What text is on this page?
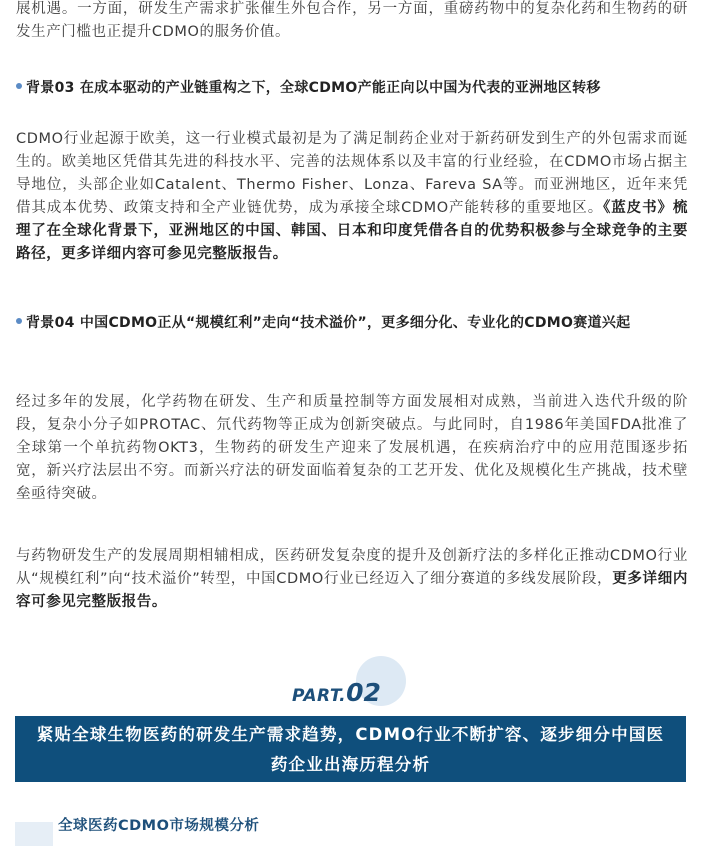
展机遇。一方面，研发生产需求扩张催生外包合作，另一方面，重磅药物中的复杂化药和生物药的研发生产门槛也正提升CDMO的服务价值。

背景03 在成本驱动的产业链重构之下，全球CDMO产能正向以中国为代表的亚洲地区转移

CDMO行业起源于欧美，这一行业模式最初是为了满足制药企业对于新药研发到生产的外包需求而诞生的。欧美地区凭借其先进的科技水平、完善的法规体系以及丰富的行业经验，在CDMO市场占据主导地位，头部企业如Catalent、Thermo Fisher、Lonza、Fareva SA等。而亚洲地区，近年来凭借其成本优势、政策支持和全产业链优势，成为承接全球CDMO产能转移的重要地区。《蓝皮书》梳理了在全球化背景下，亚洲地区的中国、韩国、日本和印度凭借各自的优势积极参与全球竞争的主要路径，更多详细内容可参见完整版报告。

背景04 中国CDMO正从“规模红利”走向“技术溢价”，更多细分化、专业化的CDMO赛道兴起

经过多年的发展，化学药物在研发、生产和质量控制等方面发展相对成熟，当前进入迭代升级的阶段，复杂小分子如PROTAC、氘代药物等正成为创新突破点。与此同时，自1986年美国FDA批准了全球第一个单抗药物OKT3，生物药的研发生产迎来了发展机遇，在疾病治疗中的应用范围逐步拓宽，新兴疗法层出不穷。而新兴疗法的研发面临着复杂的工艺开发、优化及规模化生产挑战，技术壁垒亟待突破。

与药物研发生产的发展周期相辅相成，医药研发复杂度的提升及创新疗法的多样化正推动CDMO行业从“规模红利”向“技术溢价”转型，中国CDMO行业已经迈入了细分赛道的多线发展阶段，更多详细内容可参见完整版报告。

PART.02

紧贴全球生物医药的研发生产需求趋势，CDMO行业不断扩容、逐步细分中国医药企业出海历程分析

全球医药CDMO市场规模分析
